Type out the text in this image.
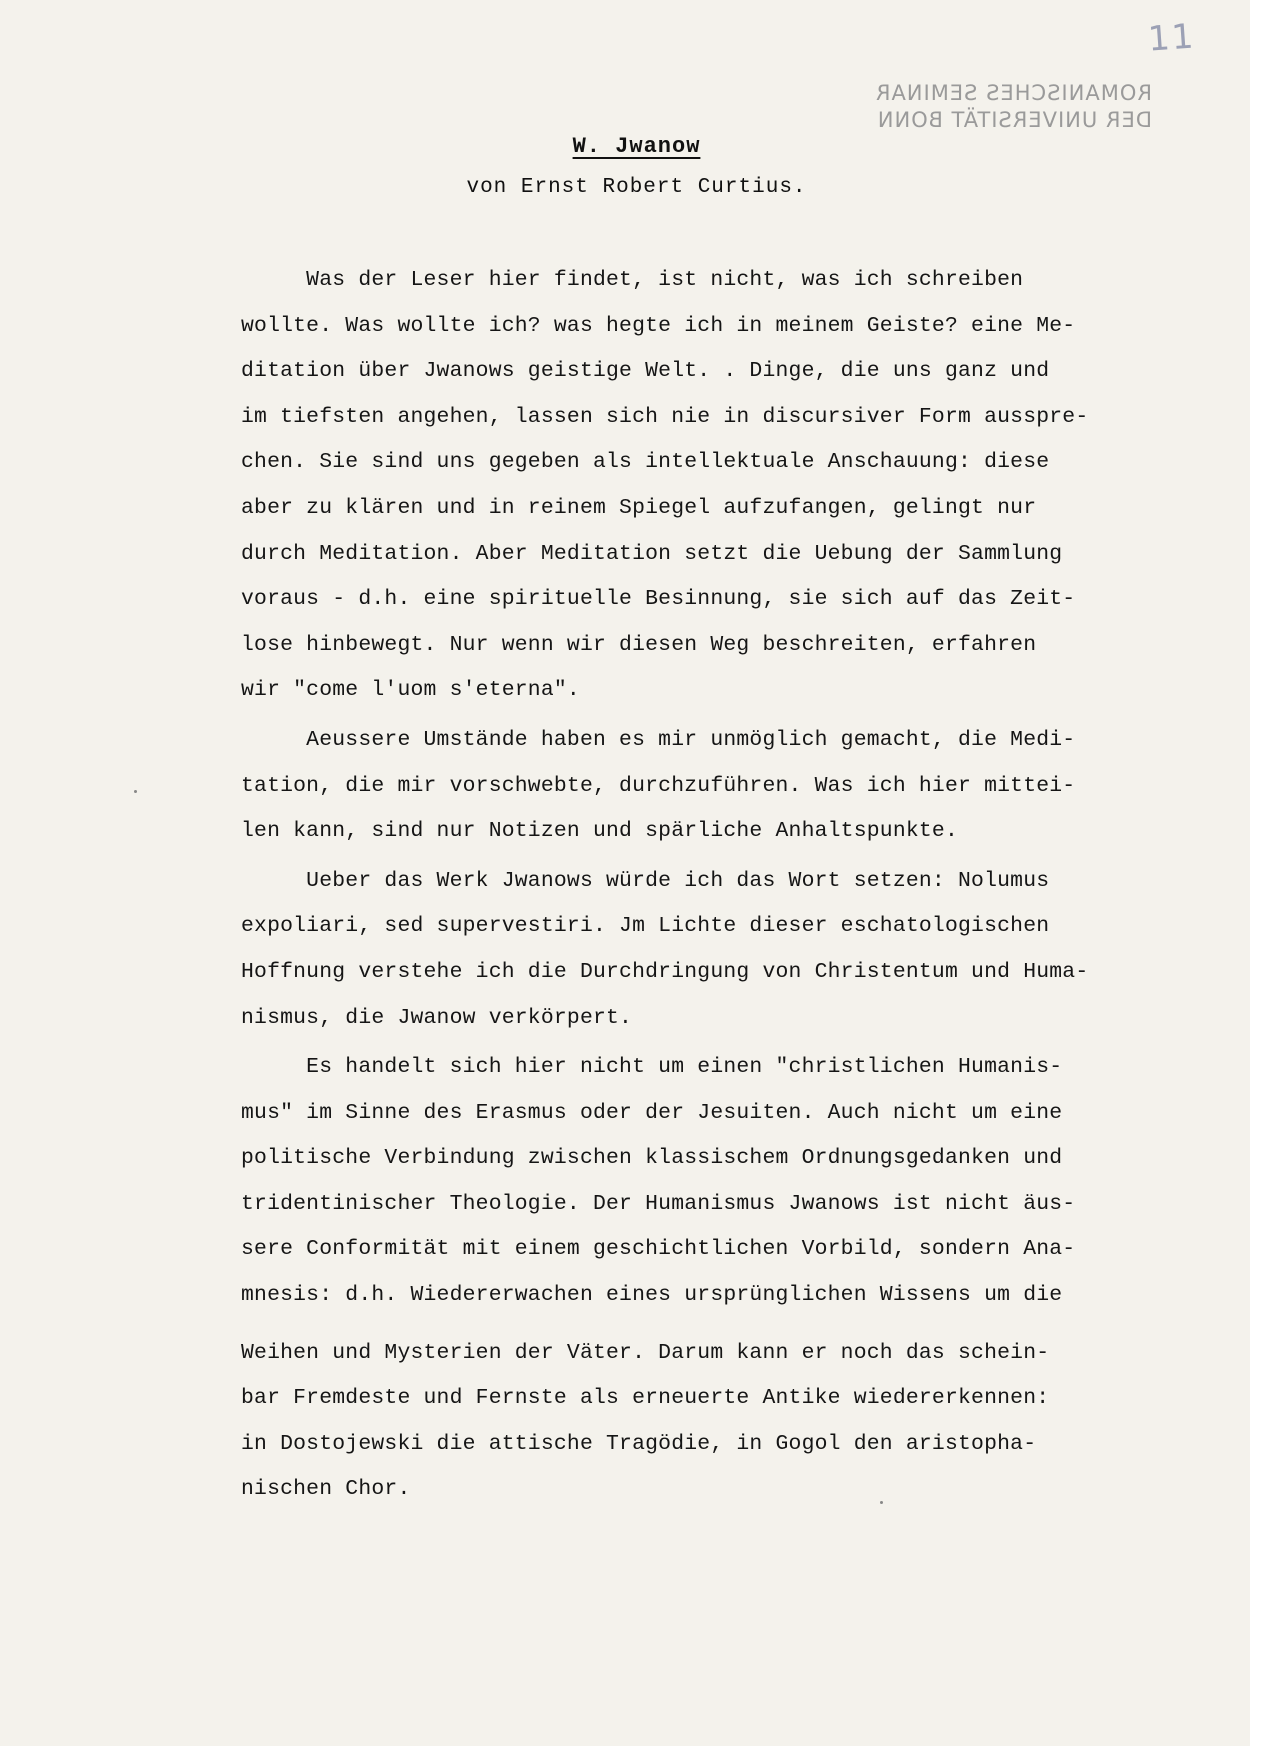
11
ROMANISCHES SEMINAR
DER UNIVERSITÄT BONN
W. Jwanow
von Ernst Robert Curtius.
Was der Leser hier findet, ist nicht, was ich schreiben
wollte. Was wollte ich? was hegte ich in meinem Geiste? eine Me-
ditation über Jwanows geistige Welt. . Dinge, die uns ganz und
im tiefsten angehen, lassen sich nie in discursiver Form ausspre-
chen. Sie sind uns gegeben als intellektuale Anschauung: diese
aber zu klären und in reinem Spiegel aufzufangen, gelingt nur
durch Meditation. Aber Meditation setzt die Uebung der Sammlung
voraus - d.h. eine spirituelle Besinnung, sie sich auf das Zeit-
lose hinbewegt. Nur wenn wir diesen Weg beschreiten, erfahren
wir "come l'uom s'eterna".
Aeussere Umstände haben es mir unmöglich gemacht, die Medi-
tation, die mir vorschwebte, durchzuführen. Was ich hier mittei-
len kann, sind nur Notizen und spärliche Anhaltspunkte.
Ueber das Werk Jwanows würde ich das Wort setzen: Nolumus
expoliari, sed supervestiri. Jm Lichte dieser eschatologischen
Hoffnung verstehe ich die Durchdringung von Christentum und Huma-
nismus, die Jwanow verkörpert.
Es handelt sich hier nicht um einen "christlichen Humanis-
mus" im Sinne des Erasmus oder der Jesuiten. Auch nicht um eine
politische Verbindung zwischen klassischem Ordnungsgedanken und
tridentinischer Theologie. Der Humanismus Jwanows ist nicht äus-
sere Conformität mit einem geschichtlichen Vorbild, sondern Ana-
mnesis: d.h. Wiedererwachen eines ursprünglichen Wissens um die
Weihen und Mysterien der Väter. Darum kann er noch das schein-
bar Fremdeste und Fernste als erneuerte Antike wiedererkennen:
in Dostojewski die attische Tragödie, in Gogol den aristopha-
nischen Chor.
